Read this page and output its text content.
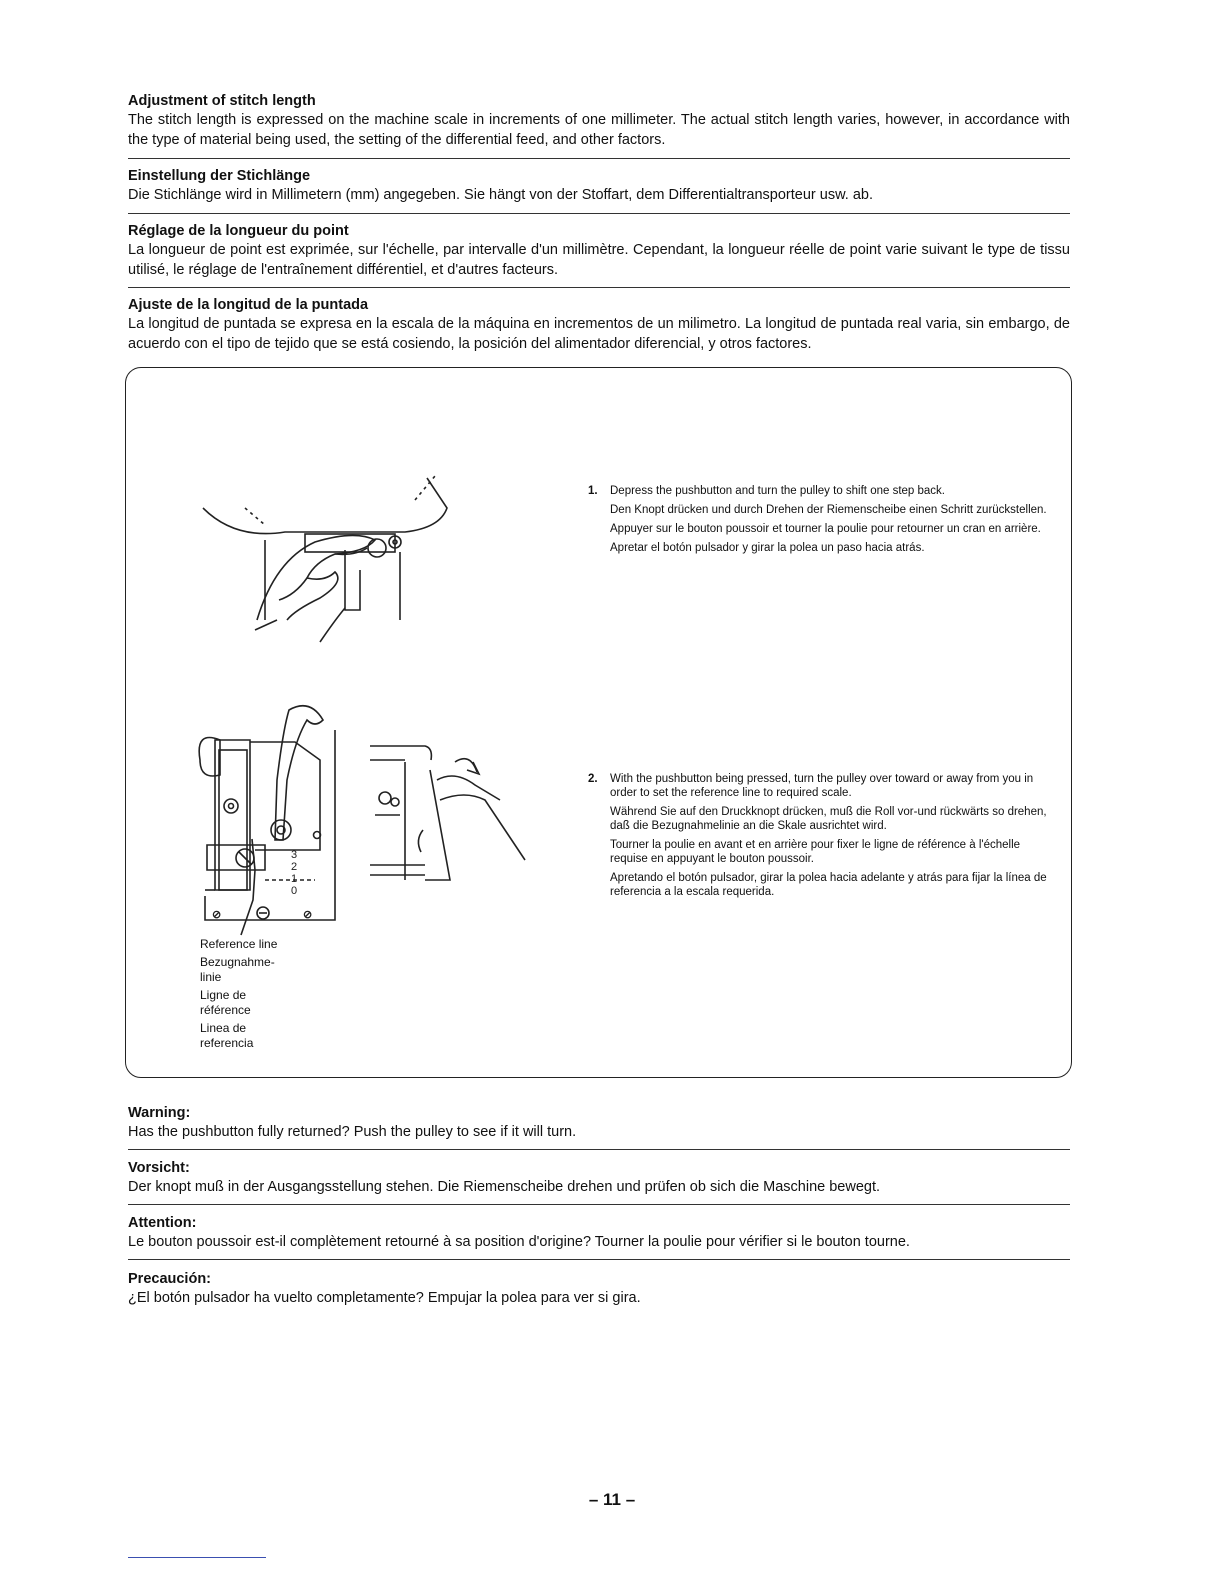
Adjustment of stitch length

The stitch length is expressed on the machine scale in increments of one millimeter. The actual stitch length varies, however, in accordance with the type of material being used, the setting of the differential feed, and other factors.

Einstellung der Stichlänge

Die Stichlänge wird in Millimetern (mm) angegeben. Sie hängt von der Stoffart, dem Differentialtransporteur usw. ab.

Réglage de la longueur du point

La longueur de point est exprimée, sur l'échelle, par intervalle d'un millimètre. Cependant, la longueur réelle de point varie suivant le type de tissu utilisé, le réglage de l'entraînement différentiel, et d'autres facteurs.

Ajuste de la longitud de la puntada

La longitud de puntada se expresa en la escala de la máquina en incrementos de un milimetro. La longitud de puntada real varia, sin embargo, de acuerdo con el tipo de tejido que se está cosiendo, la posición del alimentador diferencial, y otros factores.

1. Depress the pushbutton and turn the pulley to shift one step back.
Den Knopt drücken und durch Drehen der Riemenscheibe einen Schritt zurückstellen.
Appuyer sur le bouton poussoir et tourner la poulie pour retourner un cran en arrière.
Apretar el botón pulsador y girar la polea un paso hacia atrás.
⊘	⊘
3
2
1
0
2. With the pushbutton being pressed, turn the pulley over toward or away from you in order to set the reference line to required scale.
Während Sie auf den Druckknopt drücken, muß die Roll vor-und rückwärts so drehen, daß die Bezugnahmelinie an die Skale ausrichtet wird.
Tourner la poulie en avant et en arrière pour fixer le ligne de référence à l'échelle requise en appuyant le bouton poussoir.
Apretando el botón pulsador, girar la polea hacia adelante y atrás para fijar la línea de referencia a la escala requerida.
Reference line
Bezugnahme-linie
Ligne de référence
Linea de referencia
Warning:

Has the pushbutton fully returned? Push the pulley to see if it will turn.

Vorsicht:

Der knopt muß in der Ausgangsstellung stehen. Die Riemenscheibe drehen und prüfen ob sich die Maschine bewegt.

Attention:

Le bouton poussoir est-il complètement retourné à sa position d'origine? Tourner la poulie pour vérifier si le bouton tourne.

Precaución:

¿El botón pulsador ha vuelto completamente? Empujar la polea para ver si gira.

– 11 –
